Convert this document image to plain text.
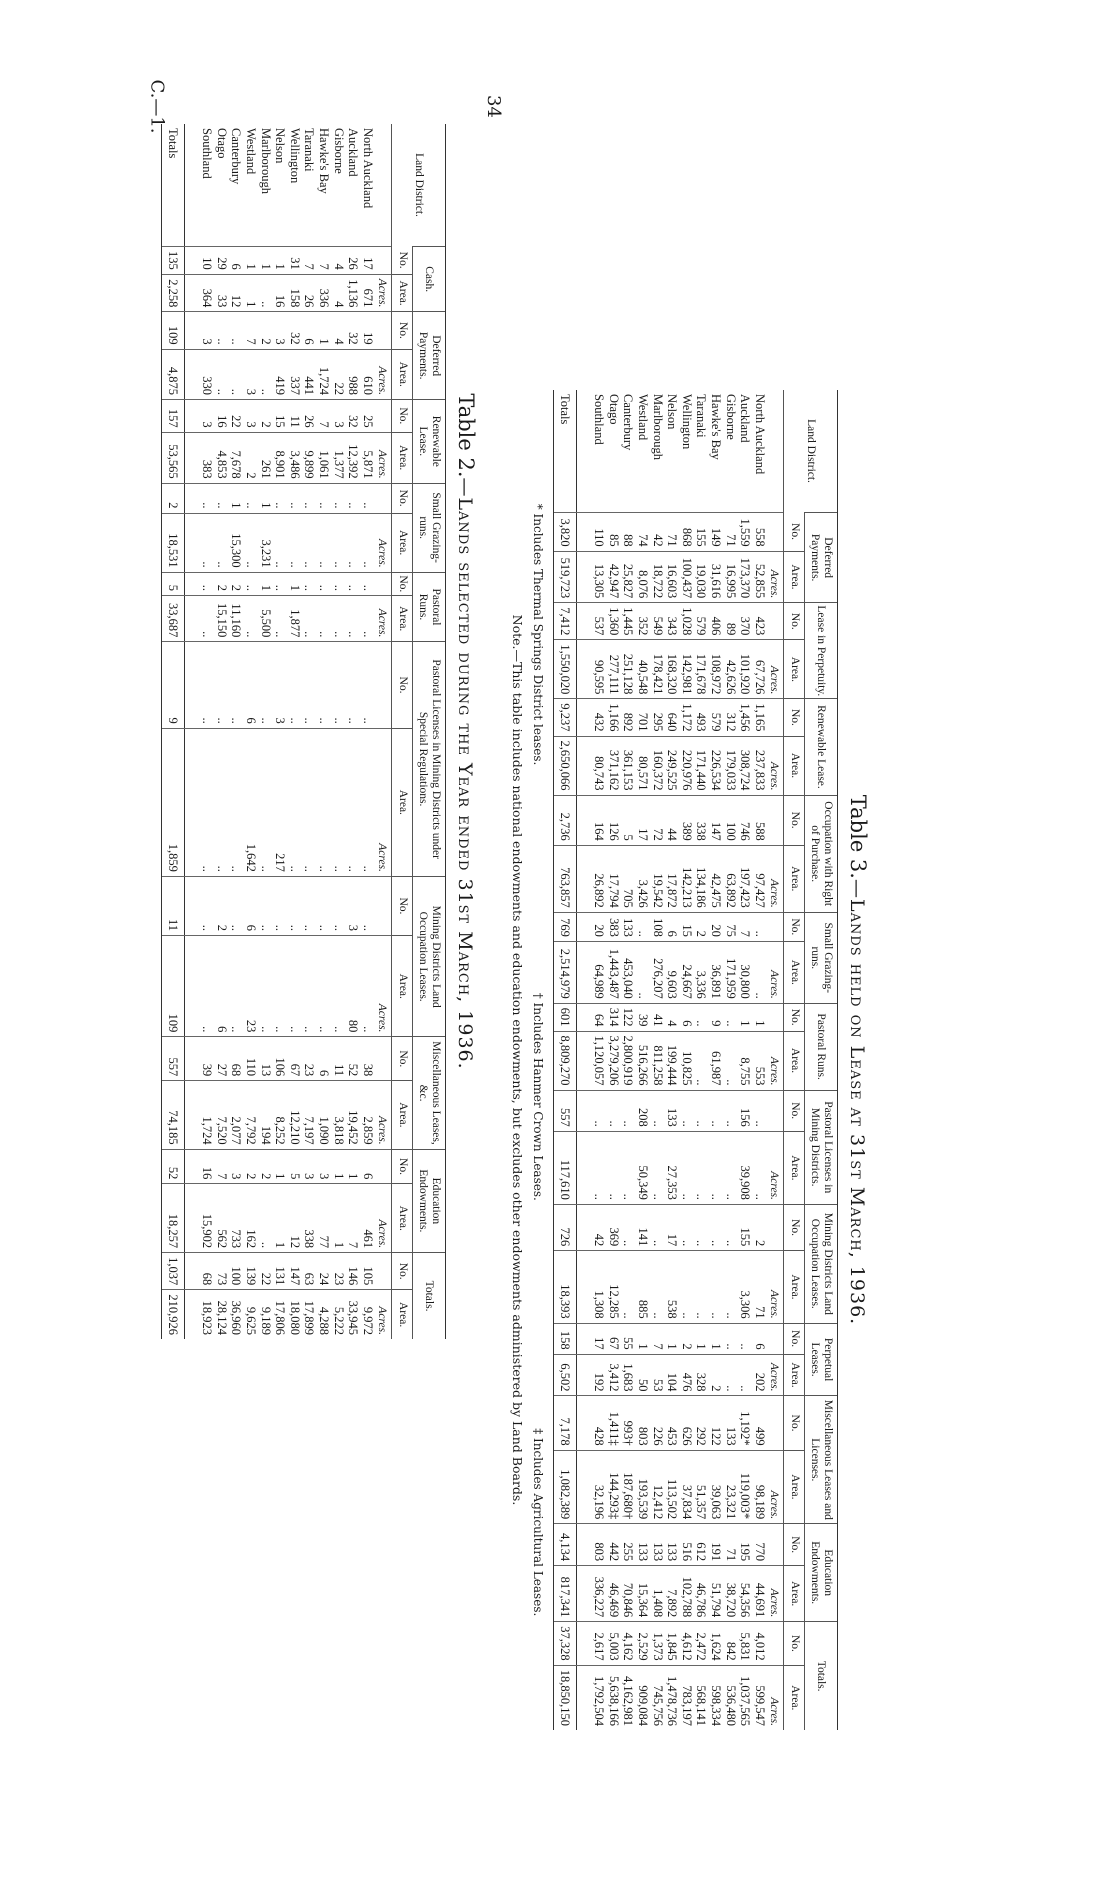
C.—1.	34
Table 2.—Lands selected during the Year ended 31st March, 1936.
Land District.	Cash.		Deferred Payments.		Renewable Lease.		Small Grazing-runs.		Pastoral Runs.		Pastoral Licenses in Mining Districts under Special Regulations.		Mining Districts Land Occupation Leases.		Miscellaneous Leases, &c.		Education Endowments.		Totals.	
	No.	Area.	No.	Area.	No.	Area.	No.	Area.	No.	Area.	No.	Area.	No.	Area.	No.	Area.	No.	Area.	No.	Area.
		Acres.		Acres.		Acres.		Acres.		Acres.		Acres.		Acres.		Acres.		Acres.		Acres.
North Auckland	17	671	19	610	25	5,871	..	..	..	..	..	..	..	..	38	2,859	6	461	105	9,972
Auckland	26	1,136	32	988	32	12,392	..	..	..	..	..	..	3	80	52	19,452	1	7	146	33,945
Gisborne	4	4	4	22	3	1,377	..	..	..	..	..	..	..	..	11	3,818	1	1	23	5,222
Hawke's Bay	7	336	1	1,724	7	1,061	..	..	..	..	..	..	..	..	6	1,090	3	77	24	4,288
Taranaki	7	26	6	441	26	9,899	..	..	..	..	..	..	..	..	23	7,197	3	338	63	17,899
Wellington	31	158	32	337	11	3,486	..	..	1	1,877	..	..	..	..	67	12,210	5	12	147	18,080
Nelson	1	16	3	419	15	8,901	..	..	..	..	3	217	..	..	106	8,252	1	1	131	17,806
Marlborough	1	..	2	..	2	261	1	3,231	1	5,500	..	..	..	..	13	194	2	..	22	9,189
Westland	1	1	7	3	3	2	..	..	..	..	6	1,642	6	23	110	7,792	2	162	139	9,625
Canterbury	6	12	..	..	22	7,678	1	15,300	2	11,160	..	..	..	..	68	2,077	3	733	100	36,960
Otago	29	33	..	..	16	4,853	..	..	2	15,150	..	..	2	6	27	7,520	7	562	73	28,124
Southland	10	364	3	330	3	383	..	..	..	..	..	..	..	..	39	1,724	16	15,902	68	18,923

Totals	135	2,258	109	4,875	157	53,565	2	18,531	5	33,687	9	1,859	11	109	557	74,185	52	18,257	1,037	210,926
Table 3.—Lands held on Lease at 31st March, 1936.
Land District.	Deferred Payments.		Lease in Perpetuity.		Renewable Lease.		Occupation with Right of Purchase.		Small Grazing-runs.		Pastoral Runs.		Pastoral Licenses in Mining Districts.		Mining Districts Land Occupation Leases.		Perpetual Leases.		Miscellaneous Leases and Licenses.		Education Endowments.		Totals.	
	No.	Area.	No.	Area.	No.	Area.	No.	Area.	No.	Area.	No.	Area.	No.	Area.	No.	Area.	No.	Area.	No.	Area.	No.	Area.	No.	Area.
		Acres.		Acres.		Acres.		Acres.		Acres.		Acres.		Acres.		Acres.		Acres.		Acres.		Acres.		Acres.
North Auckland	558	52,855	423	67,726	1,165	237,833	588	97,427	..	..	1	553	..	..	2	71	6	202	499	98,189	770	44,691	4,012	599,547
Auckland	1,559	173,370	370	101,920	1,456	308,724	746	197,423	7	30,800	1	8,755	156	39,908	155	3,306	..	..	1,192*	119,003*	195	54,356	5,831	1,037,565
Gisborne	71	16,995	89	42,626	312	179,033	100	63,892	75	171,959	..	..	..	..	..	..	..	..	133	23,321	71	38,720	842	536,480
Hawke's Bay	149	31,616	406	108,972	579	226,534	147	42,475	20	36,891	9	61,987	..	..	..	..	1	2	122	39,063	191	51,794	1,624	598,334
Taranaki	155	19,030	579	171,678	493	171,440	338	134,186	2	3,336	..	..	..	..	..	..	1	328	292	51,357	612	46,786	2,472	568,141
Wellington	868	100,437	1,028	142,981	1,172	220,976	389	142,213	15	24,667	6	10,825	..	..	..	..	2	476	626	37,834	516	102,788	4,612	783,197
Nelson	71	16,603	343	168,320	640	249,525	44	17,872	6	9,603	4	199,444	133	27,353	17	538	1	104	453	113,502	133	7,892	1,845	1,478,736
Marlborough	42	18,722	549	178,421	295	160,372	72	19,542	108	276,207	41	811,258	..	..	..	..	7	53	226	12,412	133	1,408	1,373	745,756
Westland	74	8,076	352	40,548	701	80,571	17	3,426	..	..	39	516,266	208	50,349	141	885	1	50	803	193,539	133	15,364	2,529	909,084
Canterbury	88	25,827	1,445	251,128	892	361,153	5	705	133	453,040	122	2,800,919	..	..	..	..	55	1,683	993†	187,680†	255	70,846	4,162	4,162,981
Otago	85	42,947	1,360	277,111	1,166	371,162	126	17,794	383	1,443,487	314	3,279,206	..	..	369	12,285	67	3,412	1,411‡	144,293‡	442	46,469	5,003	5,638,166
Southland	110	13,305	537	90,595	432	80,743	164	26,892	20	64,989	64	1,120,057	..	..	42	1,308	17	192	428	32,196	803	336,227	2,617	1,792,504

Totals	3,820	519,723	7,412	1,550,020	9,237	2,650,066	2,736	763,857	769	2,514,979	601	8,809,270	557	117,610	726	18,393	158	6,502	7,178	1,082,389	4,134	817,341	37,328	18,850,150
* Includes Thermal Springs District leases.
† Includes Hanmer Crown Leases.
‡ Includes Agricultural Leases.
Note.—This table includes national endowments and education endowments, but excludes other endowments administered by Land Boards.
